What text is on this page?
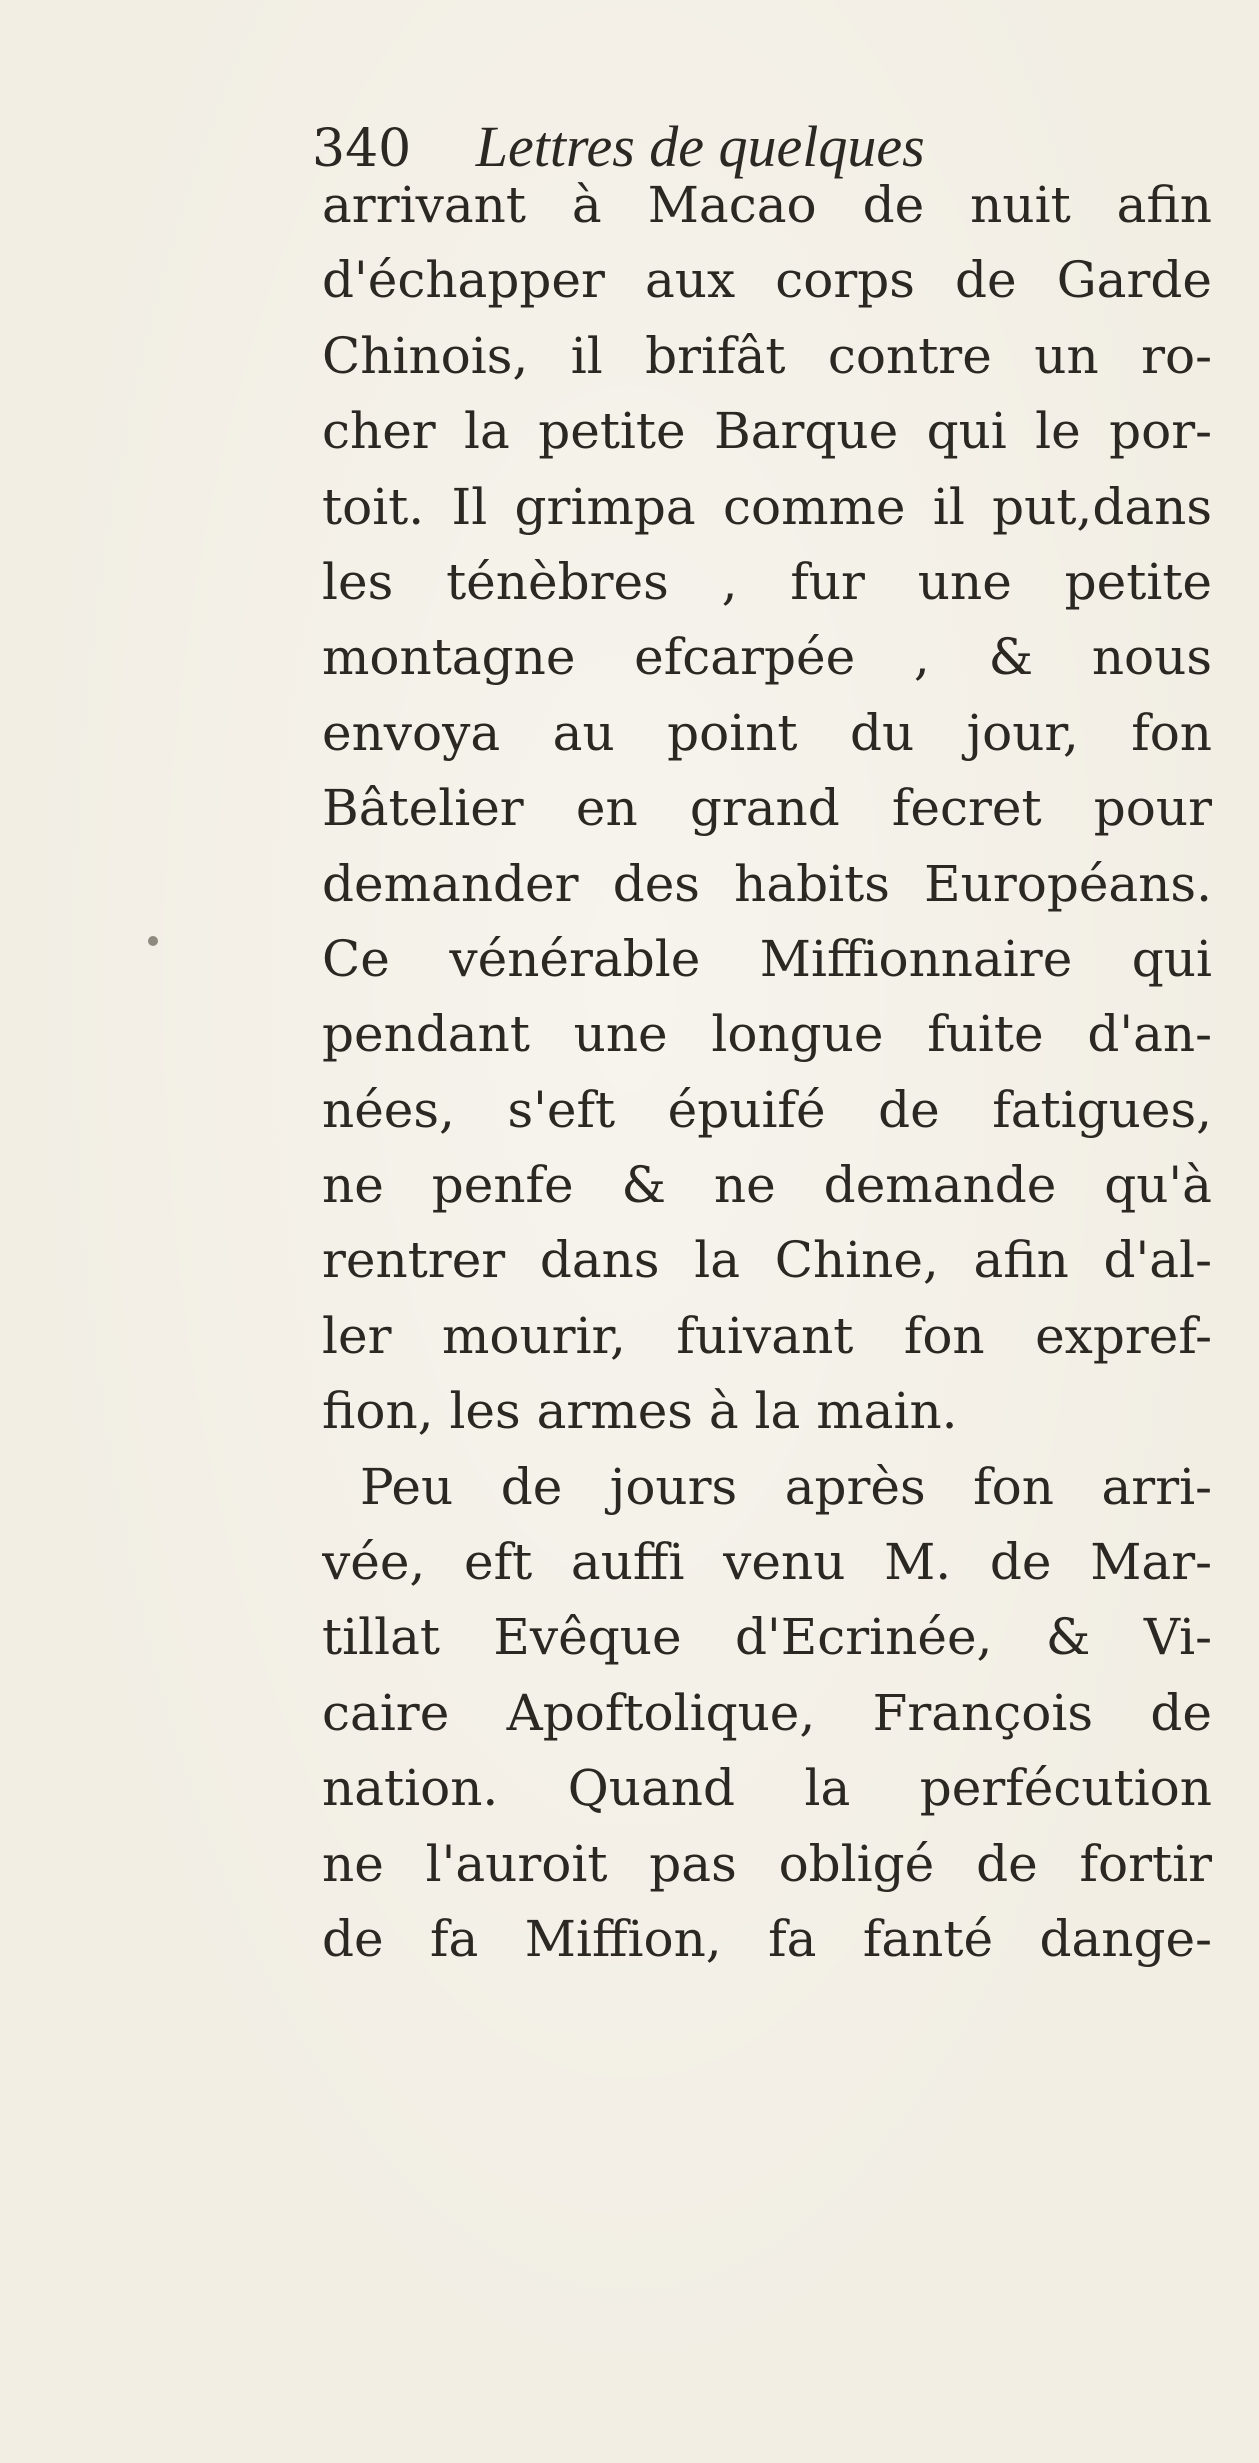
340 Lettres de quelques
arrivant à Macao de nuit afin
d'échapper aux corps de Garde
Chinois, il brifât contre un ro-
cher la petite Barque qui le por-
toit. Il grimpa comme il put,dans
les ténèbres , fur une petite
montagne efcarpée , & nous
envoya au point du jour, fon
Bâtelier en grand fecret pour
demander des habits Européans.
Ce vénérable Miffionnaire qui
pendant une longue fuite d'an-
nées, s'eft épuifé de fatigues,
ne penfe & ne demande qu'à
rentrer dans la Chine, afin d'al-
ler mourir, fuivant fon expref-
fion, les armes à la main.
Peu de jours après fon arri-
vée, eft auffi venu M. de Mar-
tillat Evêque d'Ecrinée, & Vi-
caire Apoftolique, François de
nation. Quand la perfécution
ne l'auroit pas obligé de fortir
de fa Miffion, fa fanté dange-
